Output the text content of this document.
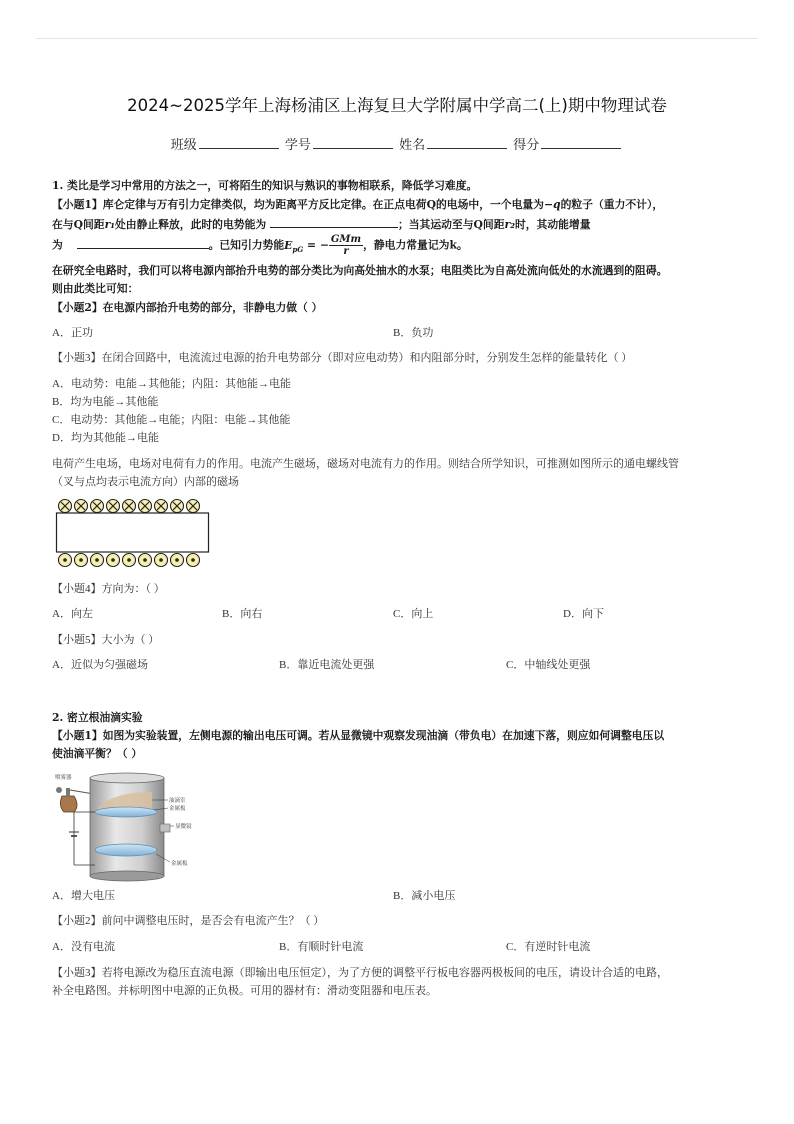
2024~2025学年上海杨浦区上海复旦大学附属中学高二(上)期中物理试卷
班级	学号	姓名	得分
1. 类比是学习中常用的方法之一，可将陌生的知识与熟识的事物相联系，降低学习难度。
【小题1】库仑定律与万有引力定律类似，均为距离平方反比定律。在正点电荷Q的电场中，一个电量为−q的粒子（重力不计），
在与Q间距r₁处由静止释放，此时的电势能为	；当其运动至与Q间距r₂时，其动能增量
为	。已知引力势能$E_{pG}$ = − $\frac{\text{GMm}}{r}$ ，静电力常量记为k。
在研究全电路时，我们可以将电源内部抬升电势的部分类比为向高处抽水的水泵；电阻类比为自高处流向低处的水流遇到的阻碍。
则由此类比可知：
【小题2】在电源内部抬升电势的部分，非静电力做（ ）
A．正功	B．负功
【小题3】在闭合回路中，电流流过电源的抬升电势部分（即对应电动势）和内阻部分时，分别发生怎样的能量转化（ ）
A．电动势：电能→其他能；内阻：其他能→电能
B．均为电能→其他能
C．电动势：其他能→电能；内阻：电能→其他能
D．均为其他能→电能
电荷产生电场，电场对电荷有力的作用。电流产生磁场，磁场对电流有力的作用。则结合所学知识，可推测如图所示的通电螺线管
（叉与点均表示电流方向）内部的磁场
【小题4】方向为：（ ）
A．向左	B．向右	C．向上	D．向下
【小题5】大小为（ ）
A．近似为匀强磁场	B．靠近电流处更强	C．中轴线处更强
2. 密立根油滴实验
【小题1】如图为实验装置，左侧电源的输出电压可调。若从显微镜中观察发现油滴（带负电）在加速下落，则应如何调整电压以
使油滴平衡？（ ）
喷雾器
油滴室
金属板
显微镜
金属板
A．增大电压	B．减小电压
【小题2】前问中调整电压时，是否会有电流产生？（ ）
A．没有电流	B．有顺时针电流	C．有逆时针电流
【小题3】若将电源改为稳压直流电源（即输出电压恒定），为了方便的调整平行板电容器两极板间的电压，请设计合适的电路，
补全电路图。并标明图中电源的正负极。可用的器材有：滑动变阻器和电压表。
